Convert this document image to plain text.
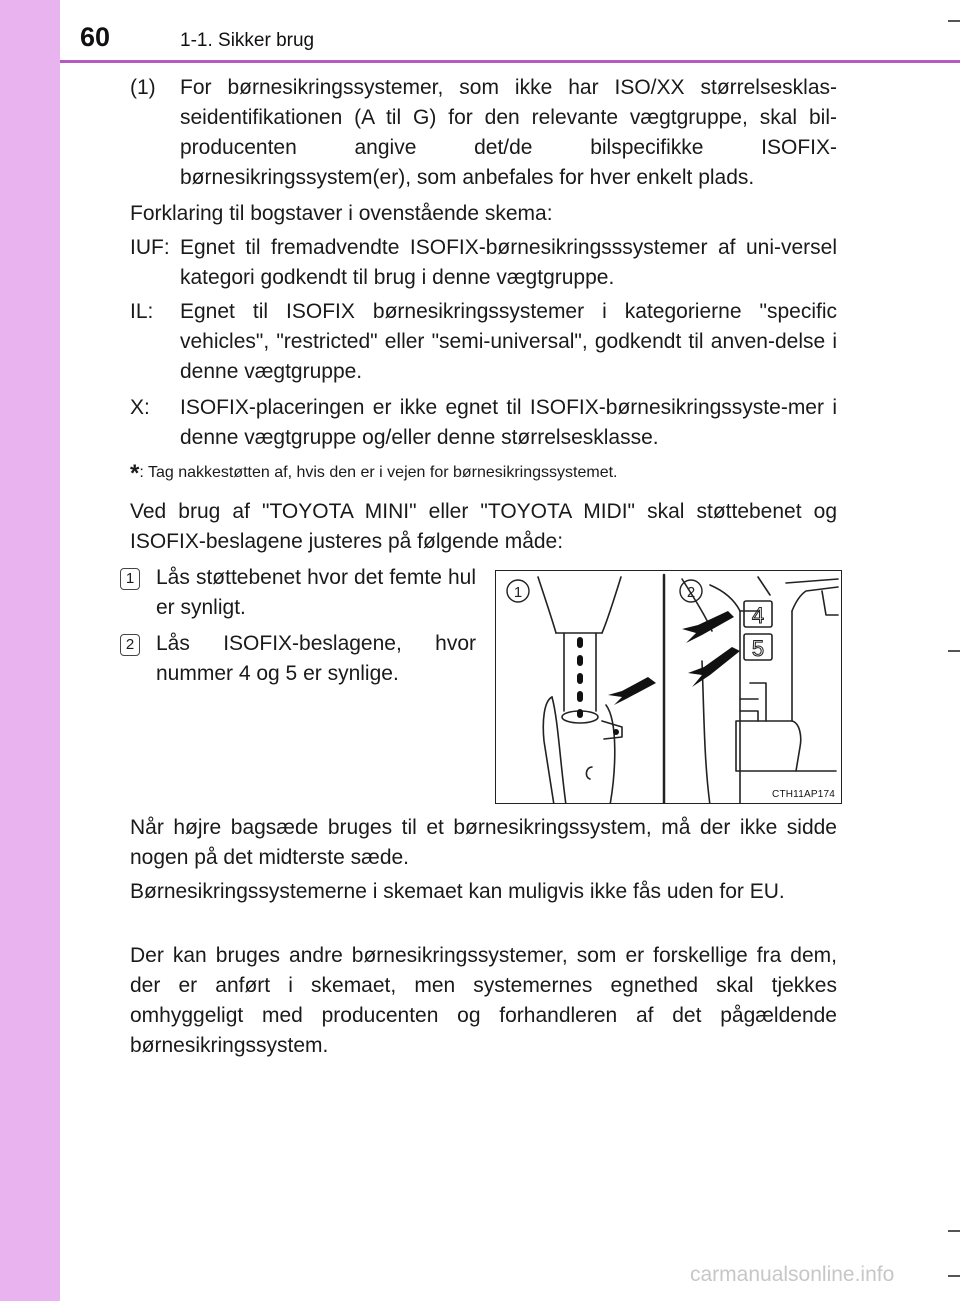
60	1-1. Sikker brug
(1) For børnesikringssystemer, som ikke har ISO/XX størrelsesklas-seidentifikationen (A til G) for den relevante vægtgruppe, skal bil-producenten angive det/de bilspecifikke ISOFIX-børnesikringssystem(er), som anbefales for hver enkelt plads.
Forklaring til bogstaver i ovenstående skema:
IUF: Egnet til fremadvendte ISOFIX-børnesikringsssystemer af uni-versel kategori godkendt til brug i denne vægtgruppe.
IL: Egnet til ISOFIX børnesikringssystemer i kategorierne "specific vehicles", "restricted" eller "semi-universal", godkendt til anven-delse i denne vægtgruppe.
X: ISOFIX-placeringen er ikke egnet til ISOFIX-børnesikringssyste-mer i denne vægtgruppe og/eller denne størrelsesklasse.
*: Tag nakkestøtten af, hvis den er i vejen for børnesikringssystemet.
Ved brug af "TOYOTA MINI" eller "TOYOTA MIDI" skal støttebenet og ISOFIX-beslagene justeres på følgende måde:
1 Lås støttebenet hvor det femte hul er synligt.
2 Lås ISOFIX-beslagene, hvor nummer 4 og 5 er synlige.
1	2
4
5
CTH11AP174
Når højre bagsæde bruges til et børnesikringssystem, må der ikke sidde nogen på det midterste sæde.
Børnesikringssystemerne i skemaet kan muligvis ikke fås uden for EU.
Der kan bruges andre børnesikringssystemer, som er forskellige fra dem, der er anført i skemaet, men systemernes egnethed skal tjekkes omhyggeligt med producenten og forhandleren af det pågældende børnesikringssystem.
carmanualsonline.info
